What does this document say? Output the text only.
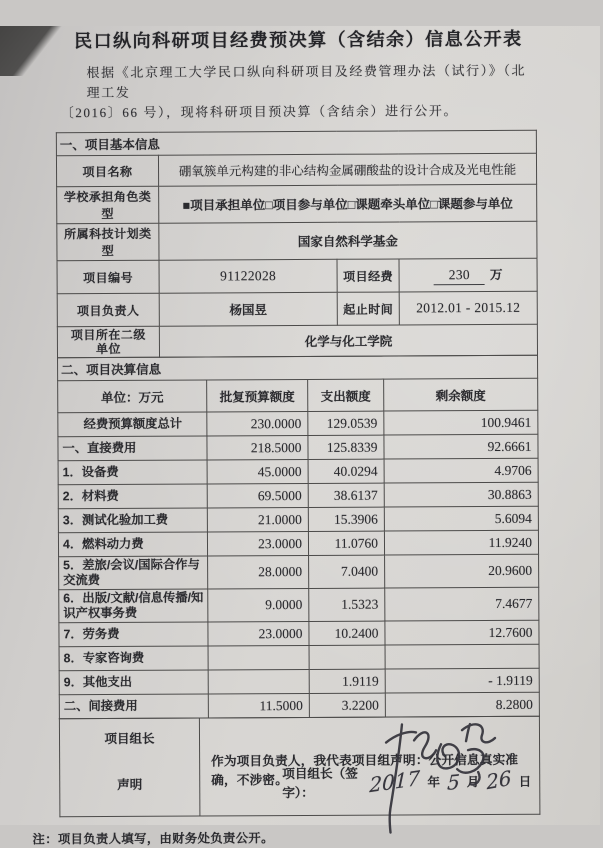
民口纵向科研项目经费预决算（含结余）信息公开表
根据《北京理工大学民口纵向科研项目及经费管理办法（试行）》（北理工发
〔2016〕66 号），现将科研项目预决算（含结余）进行公开。
一、项目基本信息			
项目名称	硼氧簇单元构建的非心结构金属硼酸盐的设计合成及光电性能		
学校承担角色类型	■项目承担单位□项目参与单位□课题牵头单位□课题参与单位		
所属科技计划类型	国家自然科学基金		
项目编号	91122028	项目经费	230 万
项目负责人	杨国昱	起止时间	2012.01 - 2015.12

项目所在二级
单位	化学与化工学院		
二、项目决算信息			
单位：万元	批复预算额度	支出额度	剩余额度
经费预算额度总计	230.0000	129.0539	100.9461
一、直接费用	218.5000	125.8339	92.6661
1．设备费	45.0000	40.0294	4.9706
2．材料费	69.5000	38.6137	30.8863
3．测试化验加工费	21.0000	15.3906	5.6094
4．燃料动力费	23.0000	11.0760	11.9240
5．差旅/会议/国际合作与交流费	28.0000	7.0400	20.9600
6．出版/文献/信息传播/知识产权事务费	9.0000	1.5323	7.4677
7．劳务费	23.0000	10.2400	12.7600
8．专家咨询费			
9．其他支出		1.9119	- 1.9119
二、间接费用	11.5000	3.2200	8.2800
项目组长
声明

作为项目负责人，我代表项目组声明：公开信息真实准确，不涉密。
项目组长（签字）：	2017 年 5 月 26 日
注：项目负责人填写，由财务处负责公开。
